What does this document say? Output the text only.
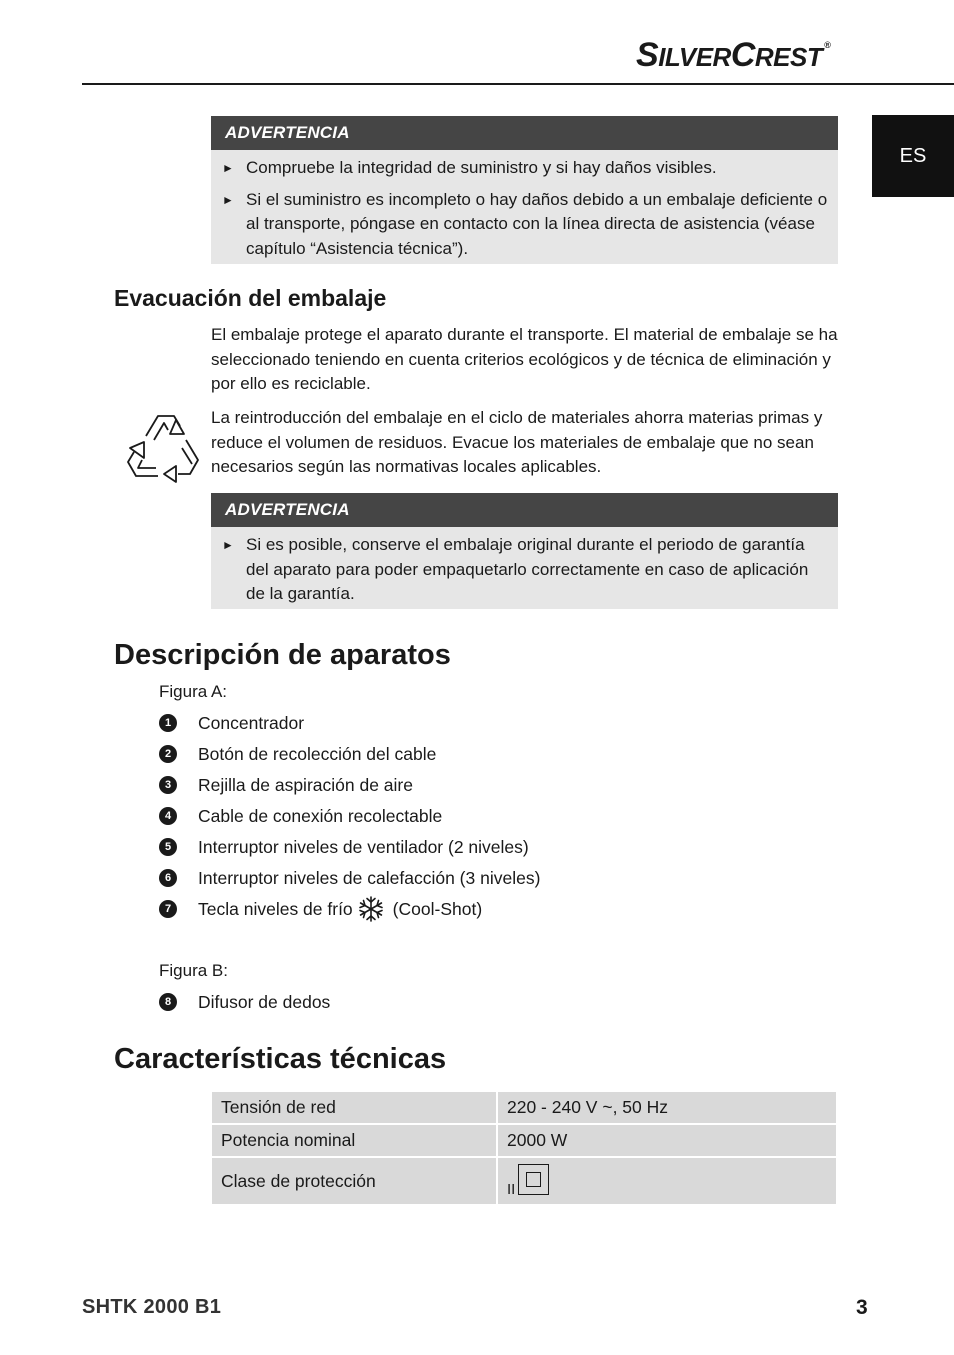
SILVERCREST ®
ES
ADVERTENCIA
► Compruebe la integridad de suministro y si hay daños visibles.
► Si el suministro es incompleto o hay daños debido a un embalaje deficiente o al transporte, póngase en contacto con la línea directa de asistencia (véase capítulo “Asistencia técnica”).
Evacuación del embalaje
El embalaje protege el aparato durante el transporte. El material de embalaje se ha seleccionado teniendo en cuenta criterios ecológicos y de técnica de eliminación y por ello es reciclable.
La reintroducción del embalaje en el ciclo de materiales ahorra materias primas y reduce el volumen de residuos. Evacue los materiales de embalaje que no sean necesarios según las normativas locales aplicables.
ADVERTENCIA
► Si es posible, conserve el embalaje original durante el periodo de garantía del aparato para poder empaquetarlo correctamente en caso de aplicación de la garantía.
Descripción de aparatos
Figura A:
1	Concentrador
2	Botón de recolección del cable
3	Rejilla de aspiración de aire
4	Cable de conexión recolectable
5	Interruptor niveles de ventilador (2 niveles)
6	Interruptor niveles de calefacción (3 niveles)
7	Tecla niveles de frío (Cool-Shot)
Figura B:
8	Difusor de dedos
Características técnicas
Tensión de red	220 - 240 V ~, 50 Hz
Potencia nominal	2000 W
Clase de protección	II
SHTK 2000 B1	3
